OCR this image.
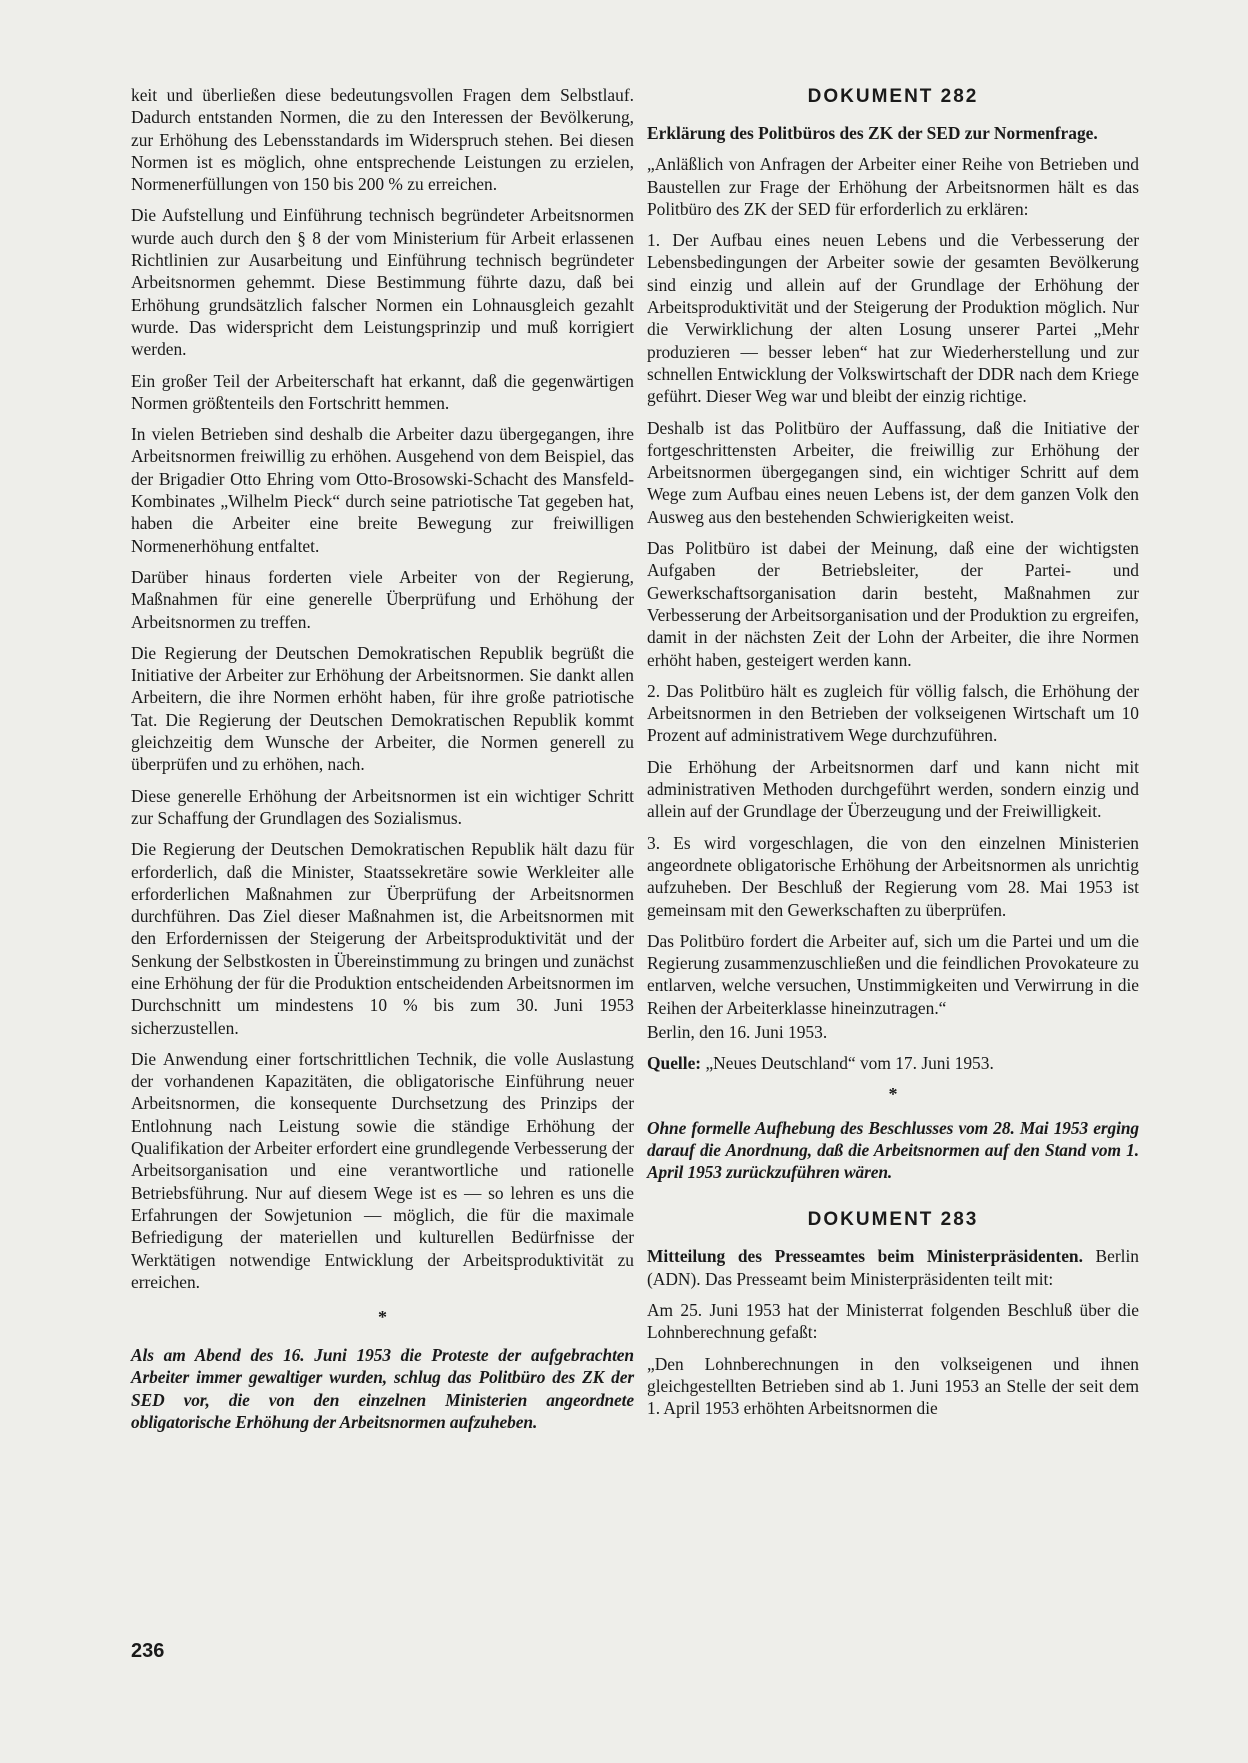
keit und überließen diese bedeutungsvollen Fragen dem Selbstlauf. Dadurch entstanden Normen, die zu den Interessen der Bevölkerung, zur Erhöhung des Lebensstandards im Widerspruch stehen. Bei diesen Normen ist es möglich, ohne entsprechende Leistungen zu erzielen, Normenerfüllungen von 150 bis 200 % zu erreichen.

Die Aufstellung und Einführung technisch begründeter Arbeitsnormen wurde auch durch den § 8 der vom Ministerium für Arbeit erlassenen Richtlinien zur Ausarbeitung und Einführung technisch begründeter Arbeitsnormen gehemmt. Diese Bestimmung führte dazu, daß bei Erhöhung grundsätzlich falscher Normen ein Lohnausgleich gezahlt wurde. Das widerspricht dem Leistungsprinzip und muß korrigiert werden.

Ein großer Teil der Arbeiterschaft hat erkannt, daß die gegenwärtigen Normen größtenteils den Fortschritt hemmen.

In vielen Betrieben sind deshalb die Arbeiter dazu übergegangen, ihre Arbeitsnormen freiwillig zu erhöhen. Ausgehend von dem Beispiel, das der Brigadier Otto Ehring vom Otto-Brosowski-Schacht des Mansfeld-Kombinates „Wilhelm Pieck“ durch seine patriotische Tat gegeben hat, haben die Arbeiter eine breite Bewegung zur freiwilligen Normenerhöhung entfaltet.

Darüber hinaus forderten viele Arbeiter von der Regierung, Maßnahmen für eine generelle Überprüfung und Erhöhung der Arbeitsnormen zu treffen.

Die Regierung der Deutschen Demokratischen Republik begrüßt die Initiative der Arbeiter zur Erhöhung der Arbeitsnormen. Sie dankt allen Arbeitern, die ihre Normen erhöht haben, für ihre große patriotische Tat. Die Regierung der Deutschen Demokratischen Republik kommt gleichzeitig dem Wunsche der Arbeiter, die Normen generell zu überprüfen und zu erhöhen, nach.

Diese generelle Erhöhung der Arbeitsnormen ist ein wichtiger Schritt zur Schaffung der Grundlagen des Sozialismus.

Die Regierung der Deutschen Demokratischen Republik hält dazu für erforderlich, daß die Minister, Staatssekretäre sowie Werkleiter alle erforderlichen Maßnahmen zur Überprüfung der Arbeitsnormen durchführen. Das Ziel dieser Maßnahmen ist, die Arbeitsnormen mit den Erfordernissen der Steigerung der Arbeitsproduktivität und der Senkung der Selbstkosten in Übereinstimmung zu bringen und zunächst eine Erhöhung der für die Produktion entscheidenden Arbeitsnormen im Durchschnitt um mindestens 10 % bis zum 30. Juni 1953 sicherzustellen.

Die Anwendung einer fortschrittlichen Technik, die volle Auslastung der vorhandenen Kapazitäten, die obligatorische Einführung neuer Arbeitsnormen, die konsequente Durchsetzung des Prinzips der Entlohnung nach Leistung sowie die ständige Erhöhung der Qualifikation der Arbeiter erfordert eine grundlegende Verbesserung der Arbeitsorganisation und eine verantwortliche und rationelle Betriebsführung. Nur auf diesem Wege ist es — so lehren es uns die Erfahrungen der Sowjetunion — möglich, die für die maximale Befriedigung der materiellen und kulturellen Bedürfnisse der Werktätigen notwendige Entwicklung der Arbeitsproduktivität zu erreichen.

*

Als am Abend des 16. Juni 1953 die Proteste der aufgebrachten Arbeiter immer gewaltiger wurden, schlug das Politbüro des ZK der SED vor, die von den einzelnen Ministerien angeordnete obligatorische Erhöhung der Arbeitsnormen aufzuheben.

DOKUMENT 282

Erklärung des Politbüros des ZK der SED zur Normenfrage.

„Anläßlich von Anfragen der Arbeiter einer Reihe von Betrieben und Baustellen zur Frage der Erhöhung der Arbeitsnormen hält es das Politbüro des ZK der SED für erforderlich zu erklären:

1. Der Aufbau eines neuen Lebens und die Verbesserung der Lebensbedingungen der Arbeiter sowie der gesamten Bevölkerung sind einzig und allein auf der Grundlage der Erhöhung der Arbeitsproduktivität und der Steigerung der Produktion möglich. Nur die Verwirklichung der alten Losung unserer Partei „Mehr produzieren — besser leben“ hat zur Wiederherstellung und zur schnellen Entwicklung der Volkswirtschaft der DDR nach dem Kriege geführt. Dieser Weg war und bleibt der einzig richtige.

Deshalb ist das Politbüro der Auffassung, daß die Initiative der fortgeschrittensten Arbeiter, die freiwillig zur Erhöhung der Arbeitsnormen übergegangen sind, ein wichtiger Schritt auf dem Wege zum Aufbau eines neuen Lebens ist, der dem ganzen Volk den Ausweg aus den bestehenden Schwierigkeiten weist.

Das Politbüro ist dabei der Meinung, daß eine der wichtigsten Aufgaben der Betriebsleiter, der Partei- und Gewerkschaftsorganisation darin besteht, Maßnahmen zur Verbesserung der Arbeitsorganisation und der Produktion zu ergreifen, damit in der nächsten Zeit der Lohn der Arbeiter, die ihre Normen erhöht haben, gesteigert werden kann.

2. Das Politbüro hält es zugleich für völlig falsch, die Erhöhung der Arbeitsnormen in den Betrieben der volkseigenen Wirtschaft um 10 Prozent auf administrativem Wege durchzuführen.

Die Erhöhung der Arbeitsnormen darf und kann nicht mit administrativen Methoden durchgeführt werden, sondern einzig und allein auf der Grundlage der Überzeugung und der Freiwilligkeit.

3. Es wird vorgeschlagen, die von den einzelnen Ministerien angeordnete obligatorische Erhöhung der Arbeitsnormen als unrichtig aufzuheben. Der Beschluß der Regierung vom 28. Mai 1953 ist gemeinsam mit den Gewerkschaften zu überprüfen.

Das Politbüro fordert die Arbeiter auf, sich um die Partei und um die Regierung zusammenzuschließen und die feindlichen Provokateure zu entlarven, welche versuchen, Unstimmigkeiten und Verwirrung in die Reihen der Arbeiterklasse hineinzutragen.“

Berlin, den 16. Juni 1953.

Quelle: „Neues Deutschland“ vom 17. Juni 1953.

*

Ohne formelle Aufhebung des Beschlusses vom 28. Mai 1953 erging darauf die Anordnung, daß die Arbeitsnormen auf den Stand vom 1. April 1953 zurückzuführen wären.

DOKUMENT 283

Mitteilung des Presseamtes beim Ministerpräsidenten. Berlin (ADN). Das Presseamt beim Ministerpräsidenten teilt mit:

Am 25. Juni 1953 hat der Ministerrat folgenden Beschluß über die Lohnberechnung gefaßt:

„Den Lohnberechnungen in den volkseigenen und ihnen gleichgestellten Betrieben sind ab 1. Juni 1953 an Stelle der seit dem 1. April 1953 erhöhten Arbeitsnormen die

236
